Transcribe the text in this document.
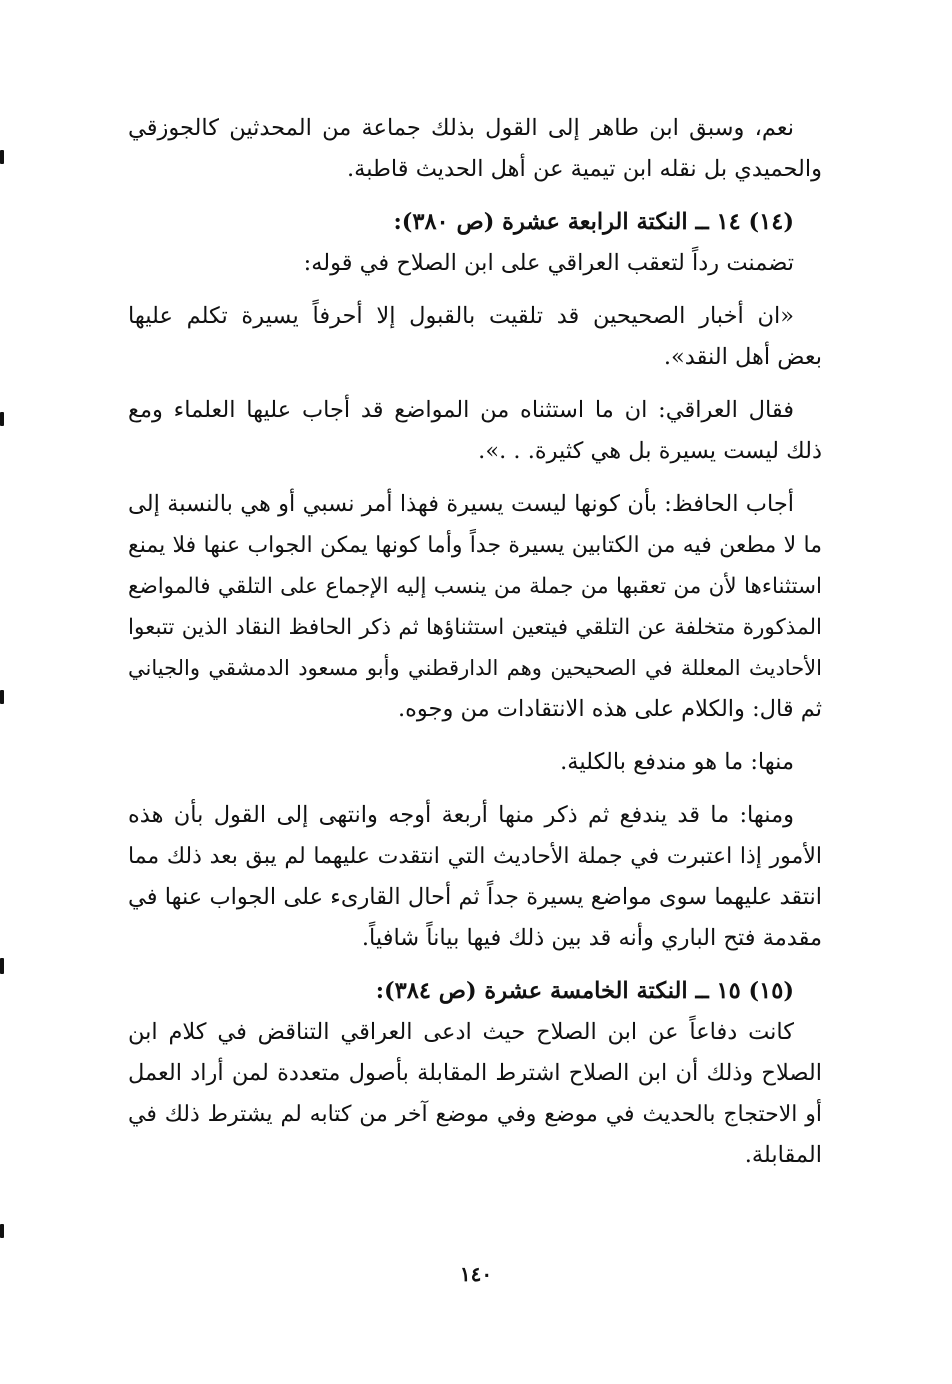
نعم، وسبق ابن طاهر إلى القول بذلك جماعة من المحدثين كالجوزقي
والحميدي بل نقله ابن تيمية عن أهل الحديث قاطبة.
(١٤) ١٤ ــ النكتة الرابعة عشرة (ص ٣٨٠):
تضمنت رداً لتعقب العراقي على ابن الصلاح في قوله:
«ان أخبار الصحيحين قد تلقيت بالقبول إلا أحرفاً يسيرة تكلم عليها
بعض أهل النقد».
فقال العراقي: ان ما استثناه من المواضع قد أجاب عليها العلماء ومع
ذلك ليست يسيرة بل هي كثيرة. . .».
أجاب الحافظ: بأن كونها ليست يسيرة فهذا أمر نسبي أو هي بالنسبة إلى
ما لا مطعن فيه من الكتابين يسيرة جداً وأما كونها يمكن الجواب عنها فلا يمنع
استثناءها لأن من تعقبها من جملة من ينسب إليه الإجماع على التلقي فالمواضع
المذكورة متخلفة عن التلقي فيتعين استثناؤها ثم ذكر الحافظ النقاد الذين تتبعوا
الأحاديث المعللة في الصحيحين وهم الدارقطني وأبو مسعود الدمشقي والجياني
ثم قال: والكلام على هذه الانتقادات من وجوه.
منها: ما هو مندفع بالكلية.
ومنها: ما قد يندفع ثم ذكر منها أربعة أوجه وانتهى إلى القول بأن هذه
الأمور إذا اعتبرت في جملة الأحاديث التي انتقدت عليهما لم يبق بعد ذلك مما
انتقد عليهما سوى مواضع يسيرة جداً ثم أحال القارىء على الجواب عنها في
مقدمة فتح الباري وأنه قد بين ذلك فيها بياناً شافياً.
(١٥) ١٥ ــ النكتة الخامسة عشرة (ص ٣٨٤):
كانت دفاعاً عن ابن الصلاح حيث ادعى العراقي التناقض في كلام ابن
الصلاح وذلك أن ابن الصلاح اشترط المقابلة بأصول متعددة لمن أراد العمل
أو الاحتجاج بالحديث في موضع وفي موضع آخر من كتابه لم يشترط ذلك في
المقابلة.
١٤٠
